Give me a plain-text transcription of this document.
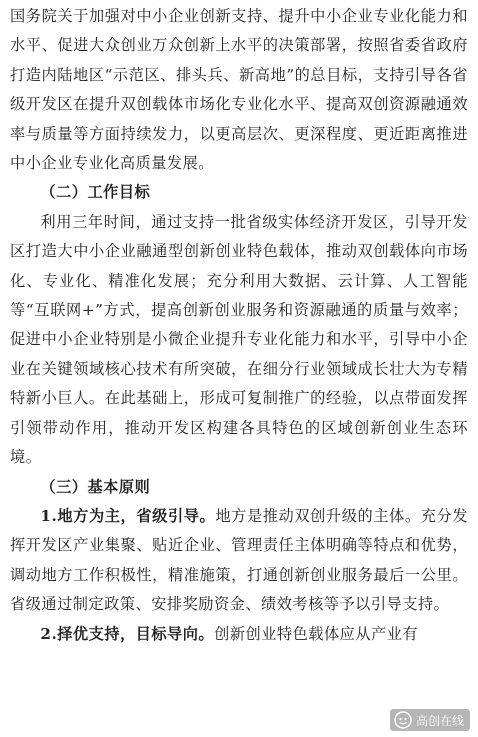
国务院关于加强对中小企业创新支持、提升中小企业专业化能力和水平、促进大众创业万众创新上水平的决策部署，按照省委省政府打造内陆地区“示范区、排头兵、新高地”的总目标，支持引导各省级开发区在提升双创载体市场化专业化水平、提高双创资源融通效率与质量等方面持续发力，以更高层次、更深程度、更近距离推进中小企业专业化高质量发展。

（二）工作目标

利用三年时间，通过支持一批省级实体经济开发区，引导开发区打造大中小企业融通型创新创业特色载体，推动双创载体向市场化、专业化、精准化发展；充分利用大数据、云计算、人工智能等“互联网+”方式，提高创新创业服务和资源融通的质量与效率；促进中小企业特别是小微企业提升专业化能力和水平，引导中小企业在关键领域核心技术有所突破，在细分行业领域成长壮大为专精特新小巨人。在此基础上，形成可复制推广的经验，以点带面发挥引领带动作用，推动开发区构建各具特色的区域创新创业生态环境。

（三）基本原则

1.地方为主，省级引导。地方是推动双创升级的主体。充分发挥开发区产业集聚、贴近企业、管理责任主体明确等特点和优势，调动地方工作积极性，精准施策，打通创新创业服务最后一公里。省级通过制定政策、安排奖励资金、绩效考核等予以引导支持。

2.择优支持，目标导向。创新创业特色载体应从产业有

高创在线
